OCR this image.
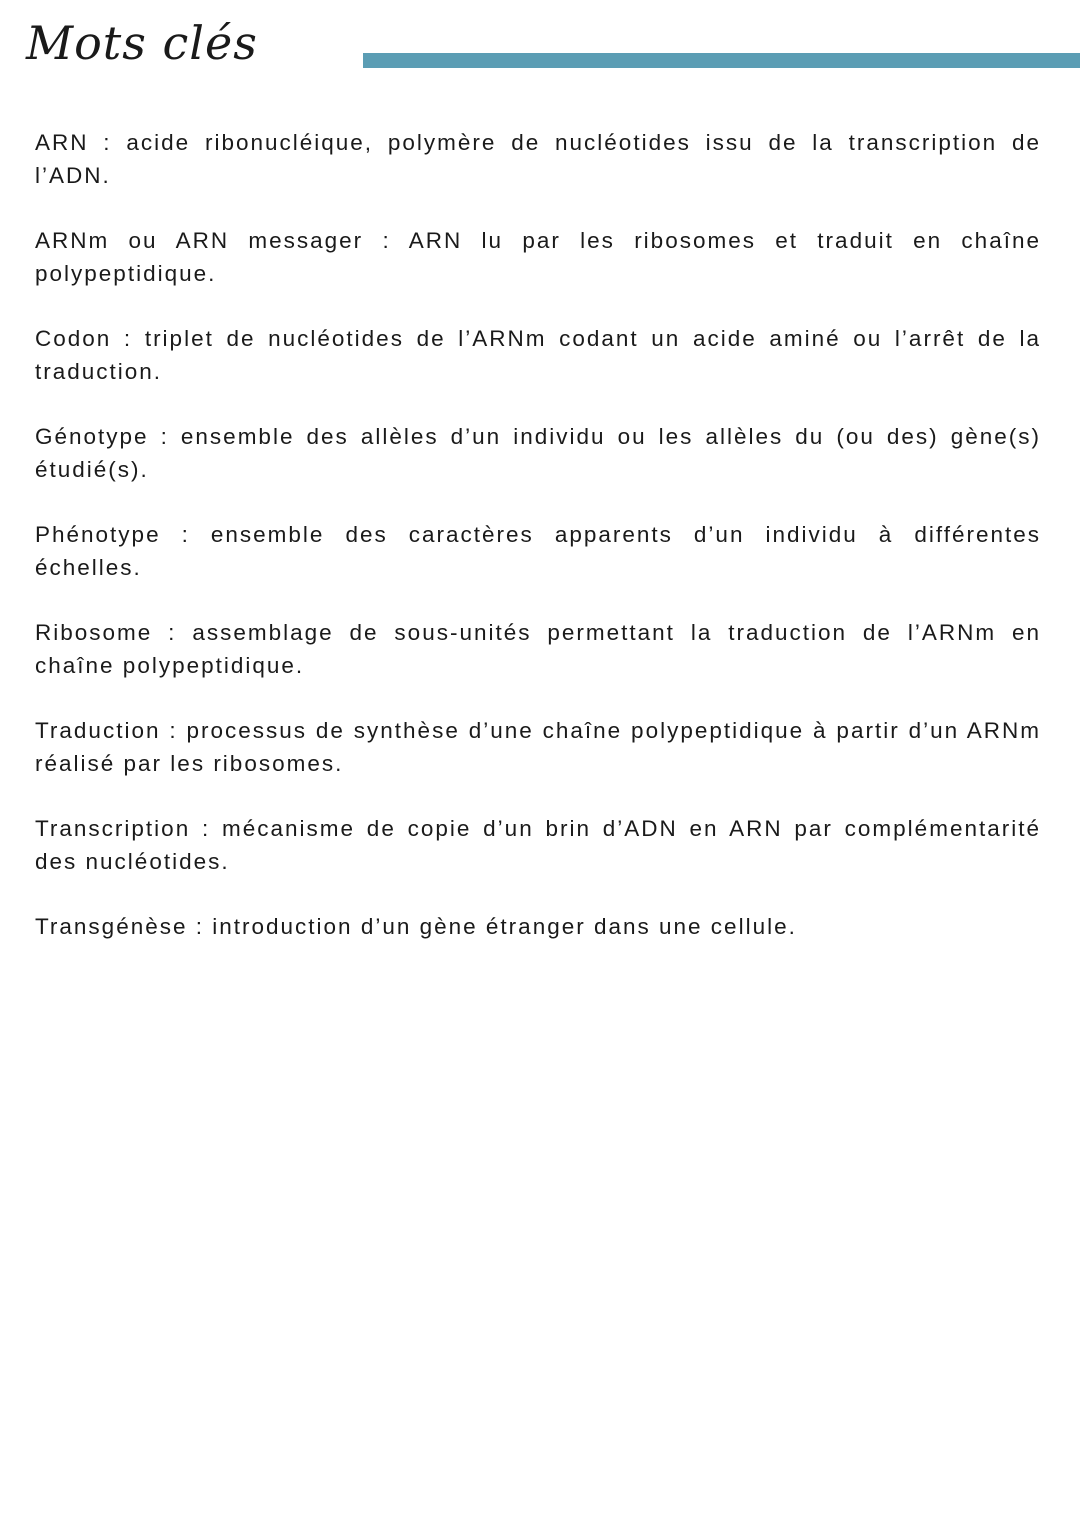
Mots clés

ARN : acide ribonucléique, polymère de nucléotides issu de la transcription de l’ADN.

ARNm ou ARN messager : ARN lu par les ribosomes et traduit en chaîne polypeptidique.

Codon : triplet de nucléotides de l’ARNm codant un acide aminé ou l’arrêt de la traduction.

Génotype : ensemble des allèles d’un individu ou les allèles du (ou des) gène(s) étudié(s).

Phénotype : ensemble des caractères apparents d’un individu à différentes échelles.

Ribosome : assemblage de sous-unités permettant la traduction de l’ARNm en chaîne polypeptidique.

Traduction : processus de synthèse d’une chaîne polypeptidique à partir d’un ARNm réalisé par les ribosomes.

Transcription : mécanisme de copie d’un brin d’ADN en ARN par complémentarité des nucléotides.

Transgénèse : introduction d’un gène étranger dans une cellule.
